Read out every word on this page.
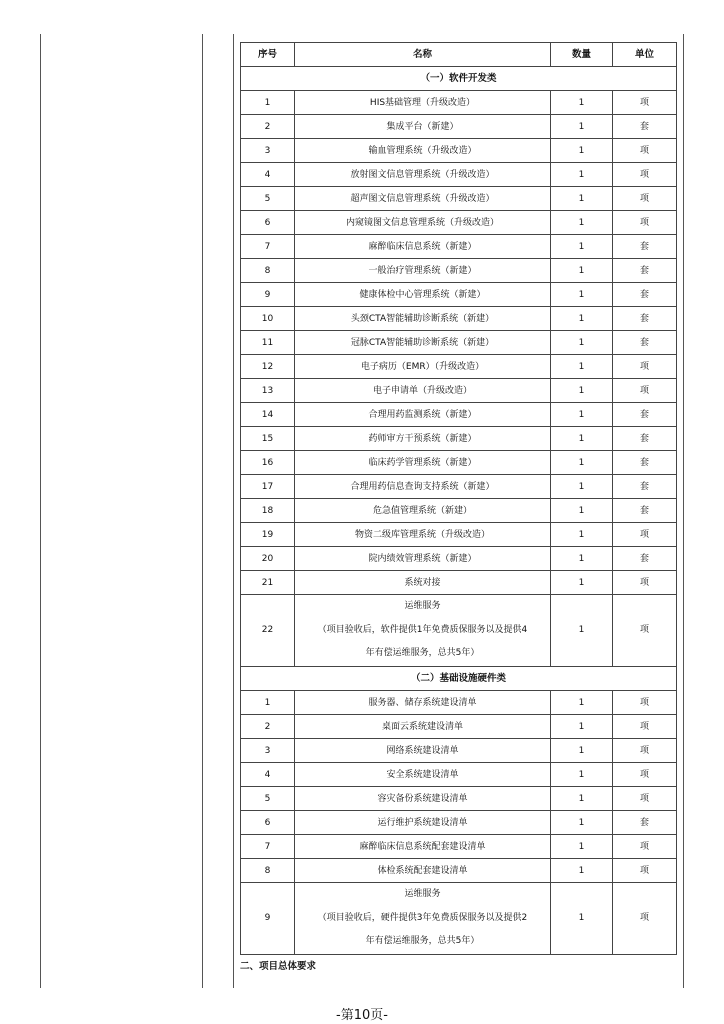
序号	名称	数量	单位
（一）软件开发类			
1	HIS基础管理（升级改造）	1	项
2	集成平台（新建）	1	套
3	输血管理系统（升级改造）	1	项
4	放射图文信息管理系统（升级改造）	1	项
5	超声图文信息管理系统（升级改造）	1	项
6	内窥镜图文信息管理系统（升级改造）	1	项
7	麻醉临床信息系统（新建）	1	套
8	一般治疗管理系统（新建）	1	套
9	健康体检中心管理系统（新建）	1	套
10	头颈CTA智能辅助诊断系统（新建）	1	套
11	冠脉CTA智能辅助诊断系统（新建）	1	套
12	电子病历（EMR）（升级改造）	1	项
13	电子申请单（升级改造）	1	项
14	合理用药监测系统（新建）	1	套
15	药师审方干预系统（新建）	1	套
16	临床药学管理系统（新建）	1	套
17	合理用药信息查询支持系统（新建）	1	套
18	危急值管理系统（新建）	1	套
19	物资二级库管理系统（升级改造）	1	项
20	院内绩效管理系统（新建）	1	套
21	系统对接	1	项
22	运维服务
（项目验收后，软件提供1年免费质保服务以及提供4
年有偿运维服务，总共5年）	1	项
（二）基础设施硬件类			
1	服务器、储存系统建设清单	1	项
2	桌面云系统建设清单	1	项
3	网络系统建设清单	1	项
4	安全系统建设清单	1	项
5	容灾备份系统建设清单	1	项
6	运行维护系统建设清单	1	套
7	麻醉临床信息系统配套建设清单	1	项
8	体检系统配套建设清单	1	项
9	运维服务
（项目验收后，硬件提供3年免费质保服务以及提供2
年有偿运维服务，总共5年）	1	项
二、项目总体要求
-第10页-
